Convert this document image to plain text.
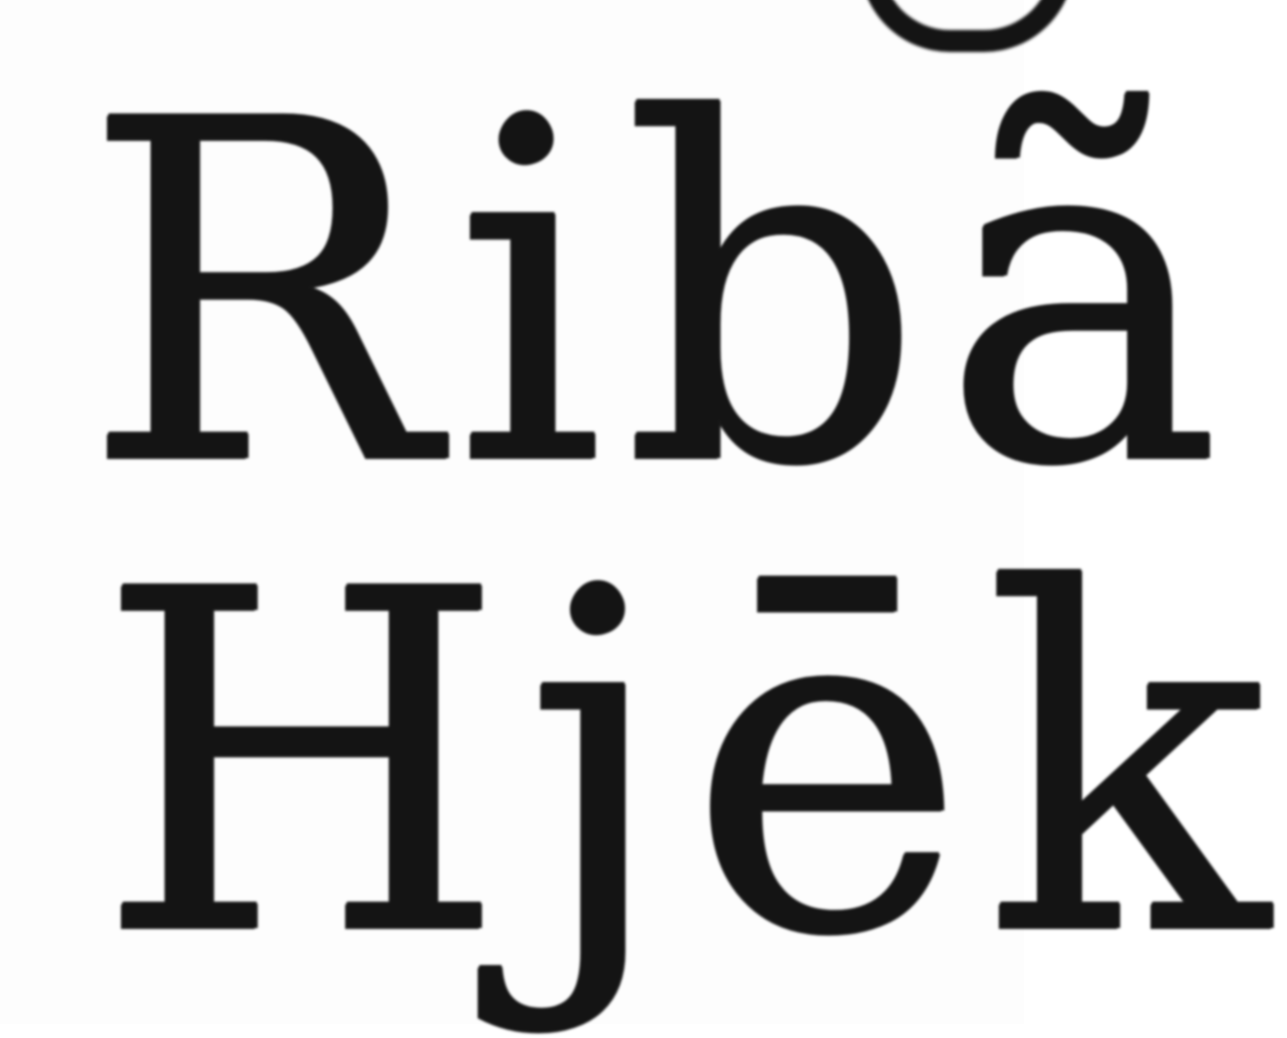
Ribã
Hjēk
